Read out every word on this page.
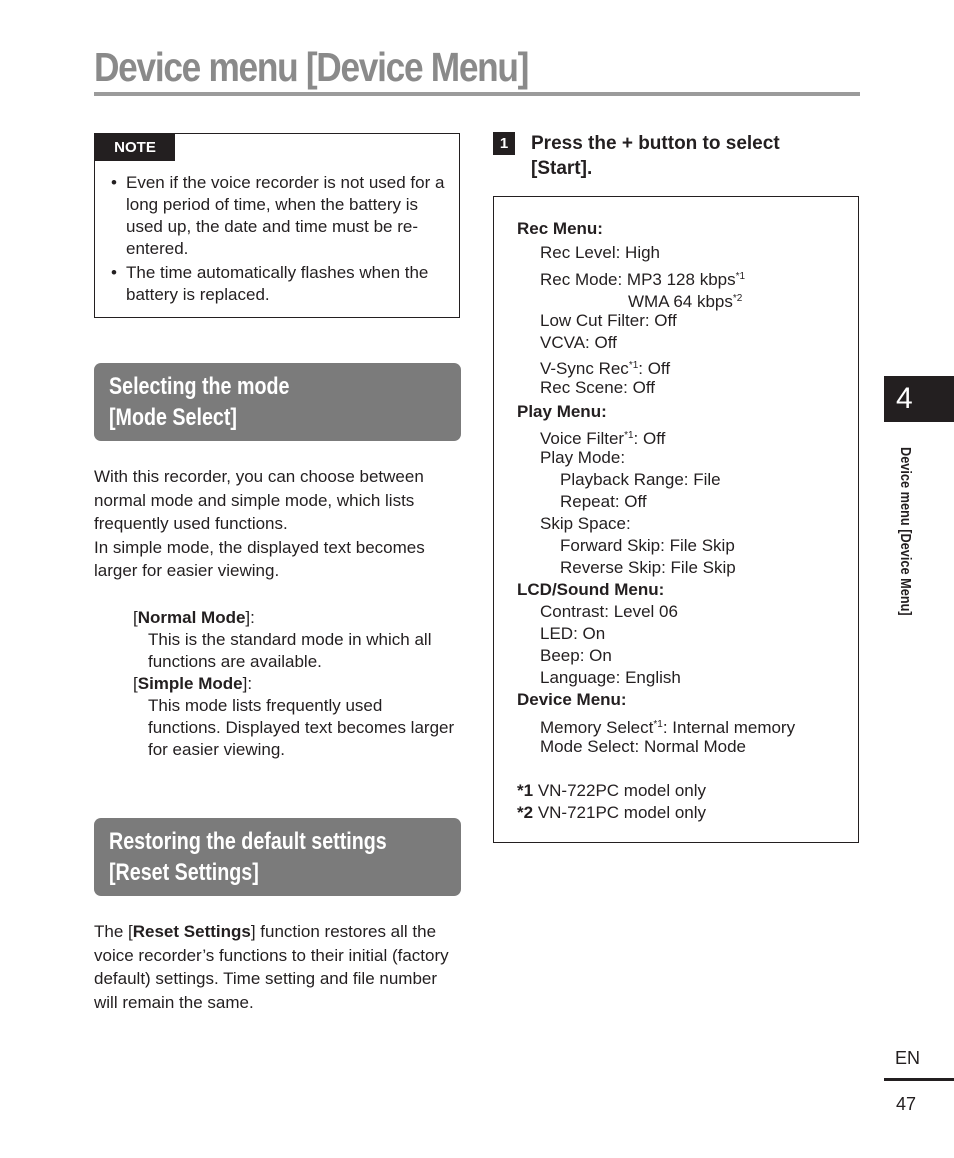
Device menu [Device Menu]
NOTE
• Even if the voice recorder is not used for a long period of time, when the battery is used up, the date and time must be re-entered.
• The time automatically flashes when the battery is replaced.
Selecting the mode
[Mode Select]

With this recorder, you can choose between normal mode and simple mode, which lists frequently used functions.

In simple mode, the displayed text becomes larger for easier viewing.

[Normal Mode]:
This is the standard mode in which all functions are available.
[Simple Mode]:
This mode lists frequently used functions. Displayed text becomes larger for easier viewing.
Restoring the default settings
[Reset Settings]
The [Reset Settings] function restores all the voice recorder’s functions to their initial (factory default) settings. Time setting and file number will remain the same.
1	Press the + button to select [Start].
Rec Menu:
Rec Level: High
Rec Mode: MP3 128 kbps$^{*1}$
WMA 64 kbps$^{*2}$
Low Cut Filter: Off
VCVA: Off
V-Sync Rec$^{*1}$: Off
Rec Scene: Off
Play Menu:
Voice Filter$^{*1}$: Off
Play Mode:
Playback Range: File
Repeat: Off
Skip Space:
Forward Skip: File Skip
Reverse Skip: File Skip
LCD/Sound Menu:
Contrast: Level 06
LED: On
Beep: On
Language: English
Device Menu:
Memory Select$^{*1}$: Internal memory
Mode Select: Normal Mode
*1 VN-722PC model only
*2 VN-721PC model only
4
Device menu [Device Menu]
EN
47
